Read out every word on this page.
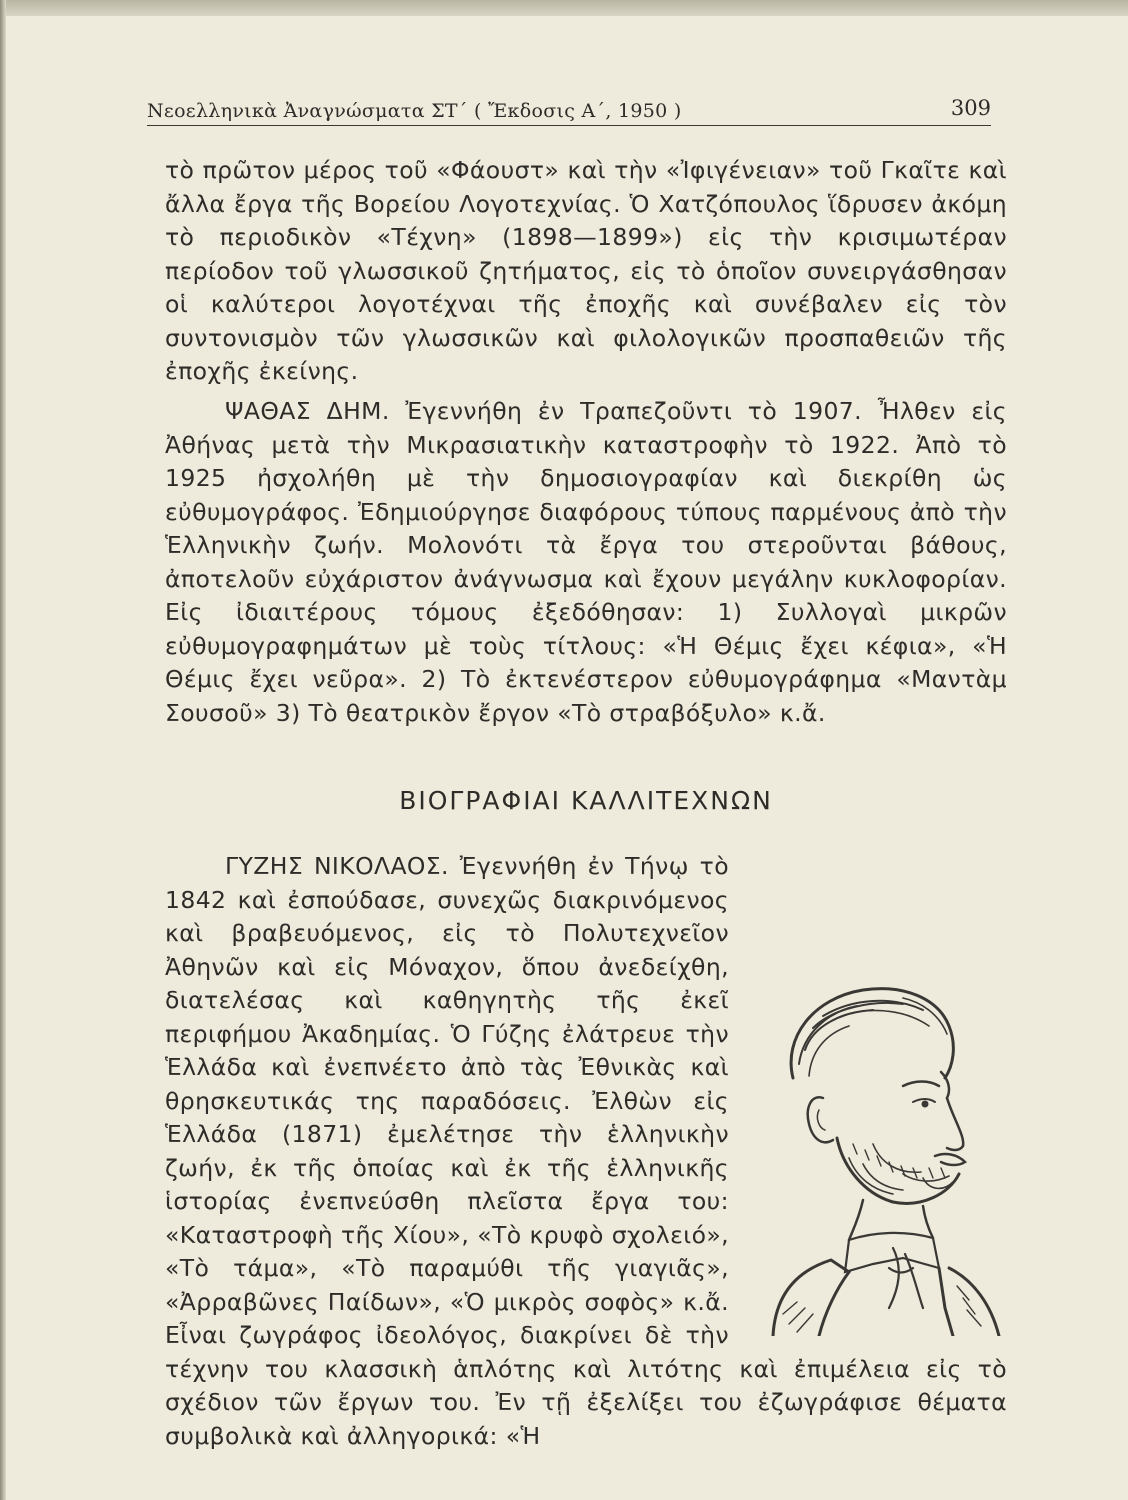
Νεοελληνικὰ Ἀναγνώσματα ΣΤ΄ ( Ἔκδοσις Α΄, 1950 )	309

τὸ πρῶτον μέρος τοῦ «Φάουστ» καὶ τὴν «Ἰφιγένειαν» τοῦ Γκαῖτε καὶ ἄλλα ἔργα τῆς Βορείου Λογοτεχνίας. Ὁ Χατζόπουλος ἵδρυσεν ἀκόμη τὸ περιοδικὸν «Τέχνη» (1898—1899») εἰς τὴν κρισιμωτέραν περίοδον τοῦ γλωσσικοῦ ζητήματος, εἰς τὸ ὁποῖον συνειργάσθησαν οἱ καλύτεροι λογοτέχναι τῆς ἐποχῆς καὶ συνέβαλεν εἰς τὸν συντονισμὸν τῶν γλωσσικῶν καὶ φιλολογικῶν προσπαθειῶν τῆς ἐποχῆς ἐκείνης.

ΨΑΘΑΣ ΔΗΜ. Ἐγεννήθη ἐν Τραπεζοῦντι τὸ 1907. Ἦλθεν εἰς Ἀθήνας μετὰ τὴν Μικρασιατικὴν καταστροφὴν τὸ 1922. Ἀπὸ τὸ 1925 ἠσχολήθη μὲ τὴν δημοσιογραφίαν καὶ διεκρίθη ὡς εὐθυμογράφος. Ἐδημιούργησε διαφόρους τύπους παρμένους ἀπὸ τὴν Ἑλληνικὴν ζωήν. Μολονότι τὰ ἔργα του στεροῦνται βάθους, ἀποτελοῦν εὐχάριστον ἀνάγνωσμα καὶ ἔχουν μεγάλην κυκλοφορίαν. Εἰς ἰδιαιτέρους τόμους ἐξεδόθησαν: 1) Συλλογαὶ μικρῶν εὐθυμογραφημάτων μὲ τοὺς τίτλους: «Ἡ Θέμις ἔχει κέφια», «Ἡ Θέμις ἔχει νεῦρα». 2) Τὸ ἐκτενέστερον εὐθυμογράφημα «Μαντὰμ Σουσοῦ» 3) Τὸ θεατρικὸν ἔργον «Τὸ στραβόξυλο» κ.ἄ.

ΒΙΟΓΡΑΦΙΑΙ ΚΑΛΛΙΤΕΧΝΩΝ
ΓΥΖΗΣ ΝΙΚΟΛΑΟΣ. Ἐγεννήθη ἐν Τήνῳ τὸ 1842 καὶ ἐσπούδασε, συνεχῶς διακρινόμενος καὶ βραβευόμενος, εἰς τὸ Πολυτεχνεῖον Ἀθηνῶν καὶ εἰς Μόναχον, ὅπου ἀνεδείχθη, διατελέσας καὶ καθηγητὴς τῆς ἐκεῖ περιφήμου Ἀκαδημίας. Ὁ Γύζης ἐλάτρευε τὴν Ἑλλάδα καὶ ἐνεπνέετο ἀπὸ τὰς Ἐθνικὰς καὶ θρησκευτικάς της παραδόσεις. Ἐλθὼν εἰς Ἑλλάδα (1871) ἐμελέτησε τὴν ἑλληνικὴν ζωήν, ἐκ τῆς ὁποίας καὶ ἐκ τῆς ἑλληνικῆς ἱστορίας ἐνεπνεύσθη πλεῖστα ἔργα του: «Καταστροφὴ τῆς Χίου», «Τὸ κρυφὸ σχολειό», «Τὸ τάμα», «Τὸ παραμύθι τῆς γιαγιᾶς», «Ἀρραβῶνες Παίδων», «Ὁ μικρὸς σοφὸς» κ.ἄ. Εἶναι ζωγράφος ἰδεολόγος, διακρίνει δὲ τὴν τέχνην του κλασσικὴ ἁπλότης καὶ λιτότης καὶ ἐπιμέλεια εἰς τὸ σχέδιον τῶν ἔργων του. Ἐν τῇ ἐξελίξει του ἐζωγράφισε θέματα συμβολικὰ καὶ ἀλληγορικά: «Ἡ
